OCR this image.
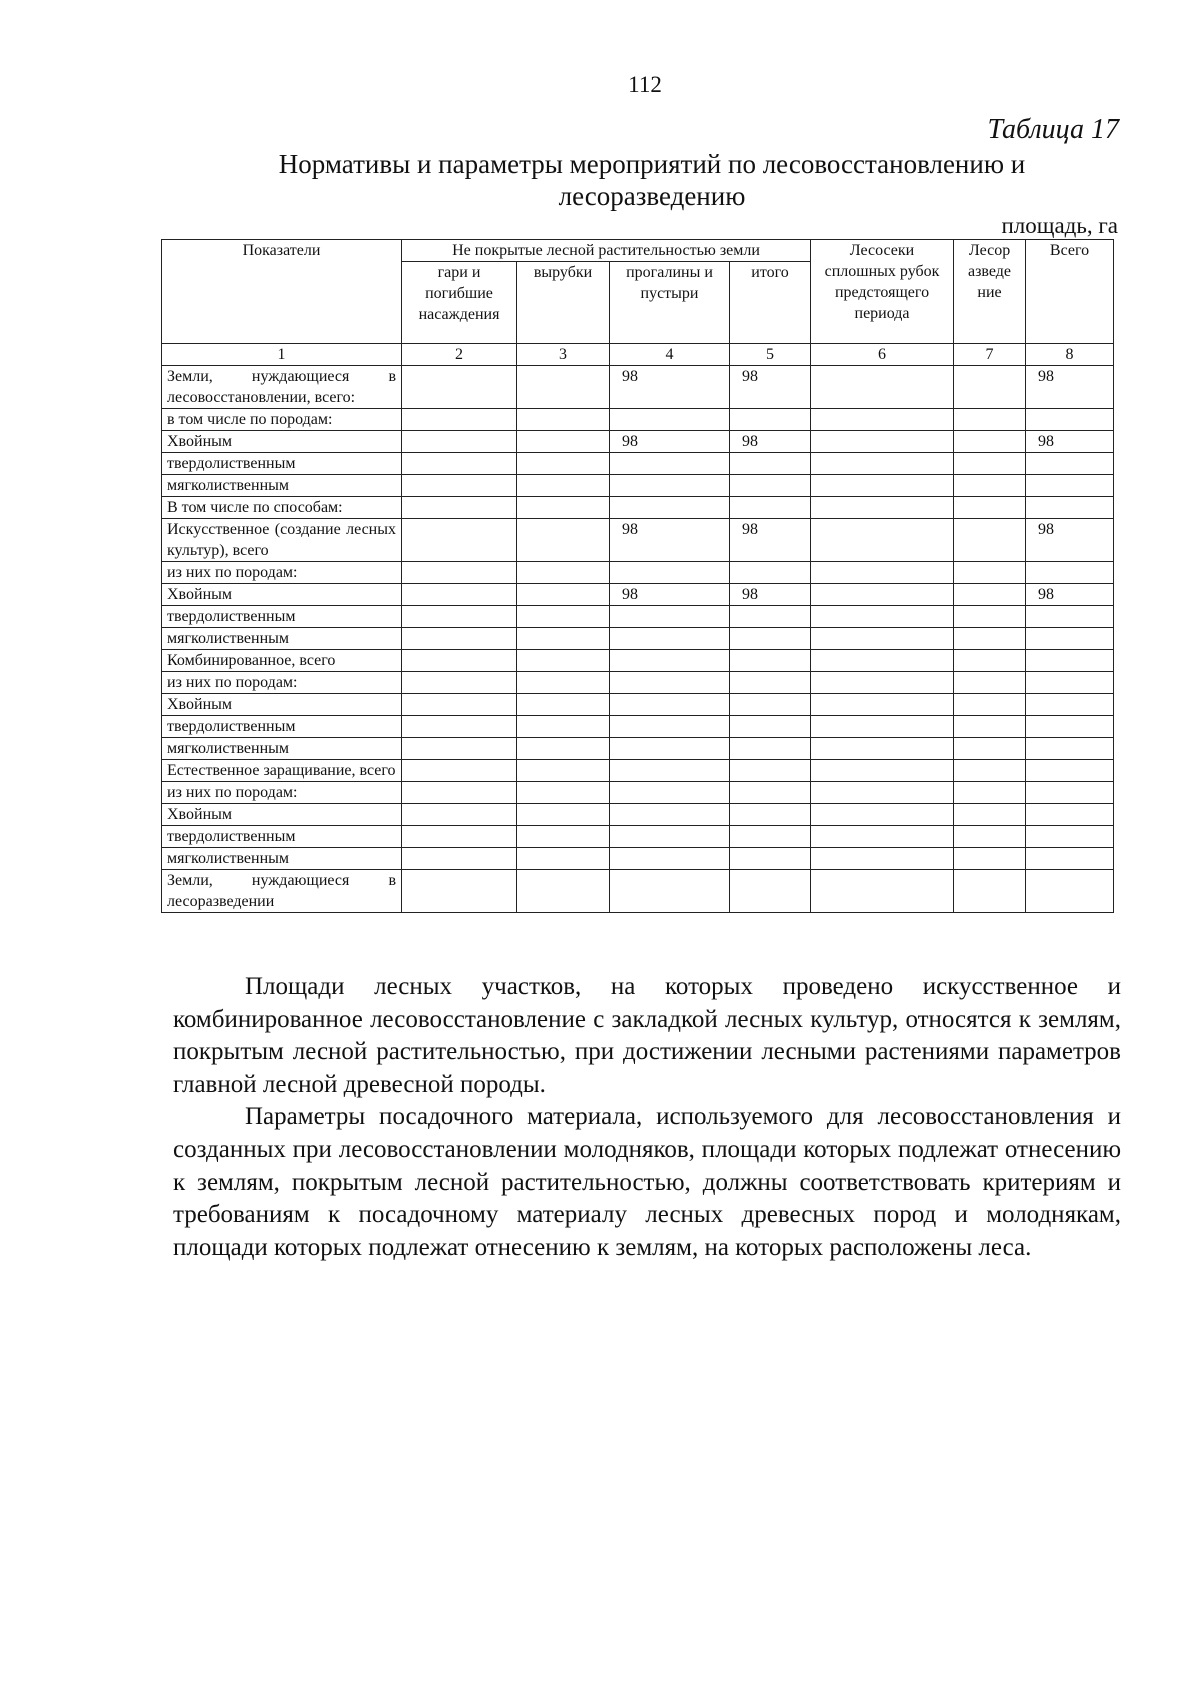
112
Таблица 17
Нормативы и параметры мероприятий по лесовосстановлению и лесоразведению
площадь, га
Показатели	Не покрытые лесной растительностью земли				Лесосеки сплошных рубок предстоящего периода	Лесор азведе ние	Всего
	гари и погибшие насаждения	вырубки	прогалины и пустыри	итого			
1	2	3	4	5	6	7	8
Земли, нуждающиеся в лесовосстановлении, всего:			98	98			98
в том числе по породам:							
Хвойным			98	98			98
твердолиственным							
мягколиственным							
В том числе по способам:							
Искусственное (создание лесных культур), всего			98	98			98
из них по породам:							
Хвойным			98	98			98
твердолиственным							
мягколиственным							
Комбинированное, всего							
из них по породам:							
Хвойным							
твердолиственным							
мягколиственным							
Естественное заращивание, всего							
из них по породам:							
Хвойным							
твердолиственным							
мягколиственным							
Земли, нуждающиеся в лесоразведении							

Площади лесных участков, на которых проведено искусственное и комбинированное лесовосстановление с закладкой лесных культур, относятся к землям, покрытым лесной растительностью, при достижении лесными растениями параметров главной лесной древесной породы.

Параметры посадочного материала, используемого для лесовосстановления и созданных при лесовосстановлении молодняков, площади которых подлежат отнесению к землям, покрытым лесной растительностью, должны соответствовать критериям и требованиям к посадочному материалу лесных древесных пород и молоднякам, площади которых подлежат отнесению к землям, на которых расположены леса.
